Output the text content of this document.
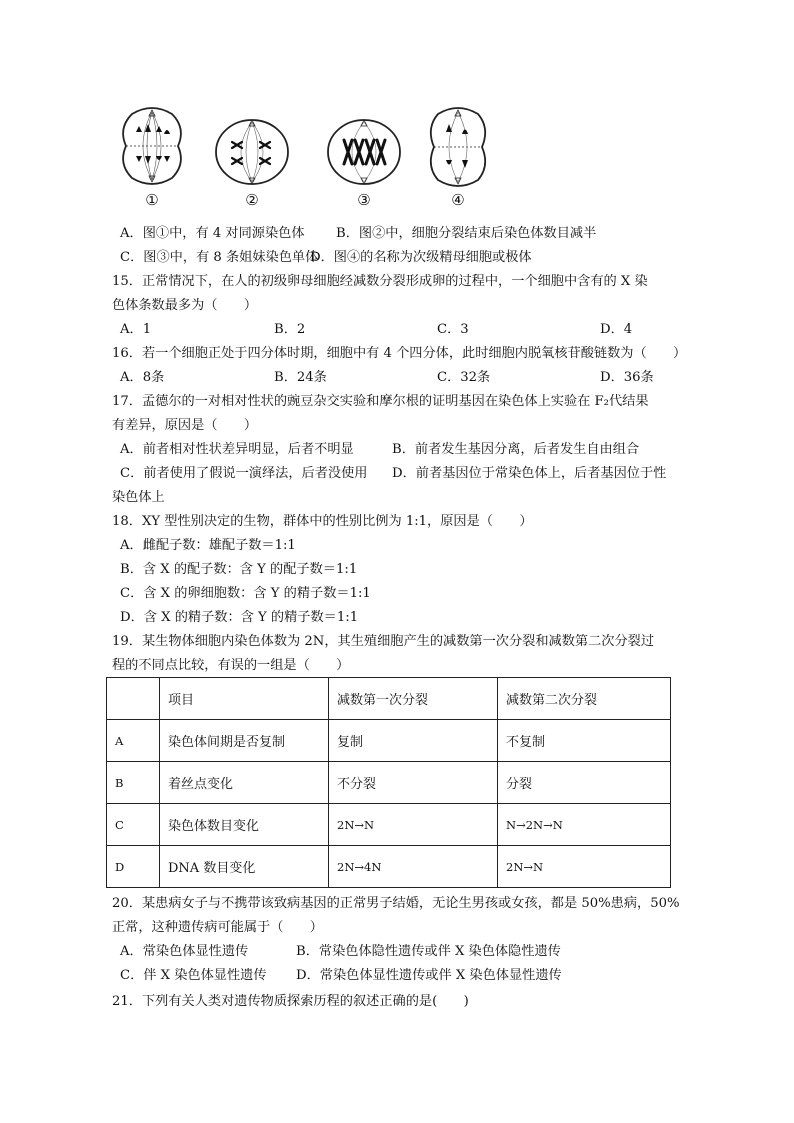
①	②	③	④
A．图①中，有 4 对同源染色体 B．图②中，细胞分裂结束后染色体数目减半
C．图③中，有 8 条姐妹染色单体
D．图④的名称为次级精母细胞或极体
15．正常情况下，在人的初级卵母细胞经减数分裂形成卵的过程中，一个细胞中含有的 X 染
色体条数最多为（　　）
A．1	B．2	C．3	D．4
16．若一个细胞正处于四分体时期，细胞中有 4 个四分体，此时细胞内脱氧核苷酸链数为（　　）
A．8条	B．24条	C．32条	D．36条
17．孟德尔的一对相对性状的豌豆杂交实验和摩尔根的证明基因在染色体上实验在 F₂代结果
有差异，原因是（　　）
A．前者相对性状差异明显，后者不明显	B．前者发生基因分离，后者发生自由组合
C．前者使用了假说一演绎法，后者没使用 D．前者基因位于常染色体上，后者基因位于性
染色体上
18．XY 型性别决定的生物，群体中的性别比例为 1:1，原因是（　　）
A．雌配子数：雄配子数＝1:1
B．含 X 的配子数：含 Y 的配子数＝1:1
C．含 X 的卵细胞数：含 Y 的精子数＝1:1
D．含 X 的精子数：含 Y 的精子数＝1:1
19．某生物体细胞内染色体数为 2N，其生殖细胞产生的减数第一次分裂和减数第二次分裂过
程的不同点比较，有误的一组是（　　）
	项目	减数第一次分裂	减数第二次分裂
A	染色体间期是否复制	复制	不复制
B	着丝点变化	不分裂	分裂
C	染色体数目变化	2N→N	N→2N→N
D	DNA 数目变化	2N→4N	2N→N
20．某患病女子与不携带该致病基因的正常男子结婚，无论生男孩或女孩，都是 50%患病，50%
正常，这种遗传病可能属于（　　）
A．常染色体显性遗传	B．常染色体隐性遗传或伴 X 染色体隐性遗传
C．伴 X 染色体显性遗传 D．常染色体显性遗传或伴 X 染色体显性遗传
21．下列有关人类对遗传物质探索历程的叙述正确的是(　　)
